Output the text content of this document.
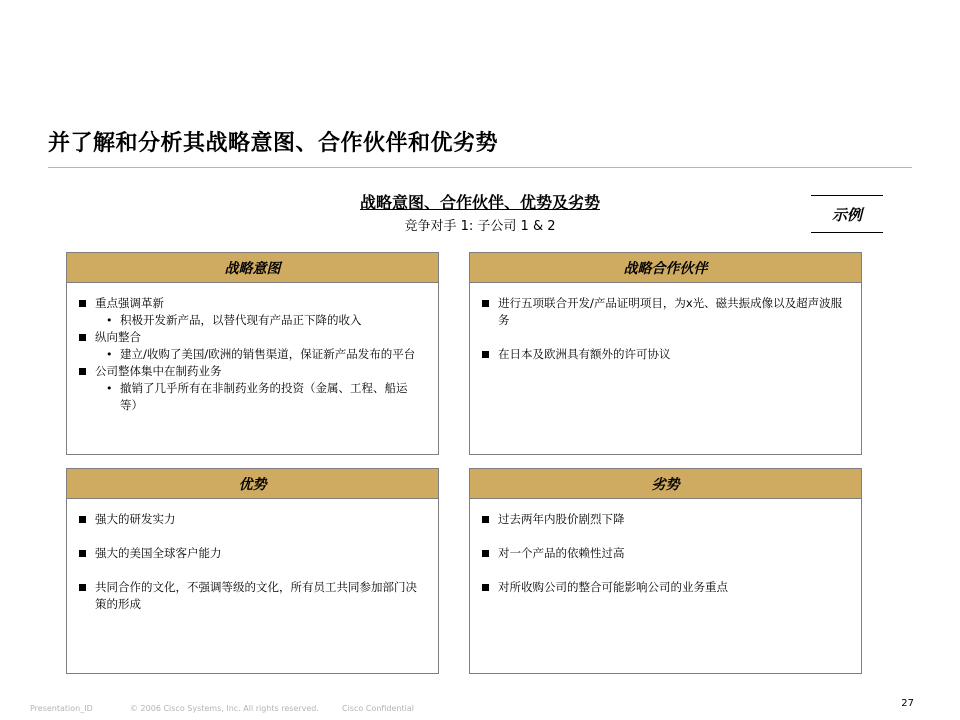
并了解和分析其战略意图、合作伙伴和优劣势
战略意图、合作伙伴、优势及劣势
竞争对手 1: 子公司 1 & 2
示例
战略意图
重点强调革新
• 积极开发新产品，以替代现有产品正下降的收入
纵向整合
• 建立/收购了美国/欧洲的销售渠道，保证新产品发布的平台
公司整体集中在制药业务
• 撤销了几乎所有在非制药业务的投资（金属、工程、船运等）
战略合作伙伴
进行五项联合开发/产品证明项目，为x光、磁共振成像以及超声波服务
在日本及欧洲具有额外的许可协议
优势
强大的研发实力
强大的美国全球客户能力
共同合作的文化，不强调等级的文化，所有员工共同参加部门决策的形成
劣势
过去两年内股价剧烈下降
对一个产品的依赖性过高
对所收购公司的整合可能影响公司的业务重点
Presentation_ID	© 2006 Cisco Systems, Inc. All rights reserved.	Cisco Confidential	27
